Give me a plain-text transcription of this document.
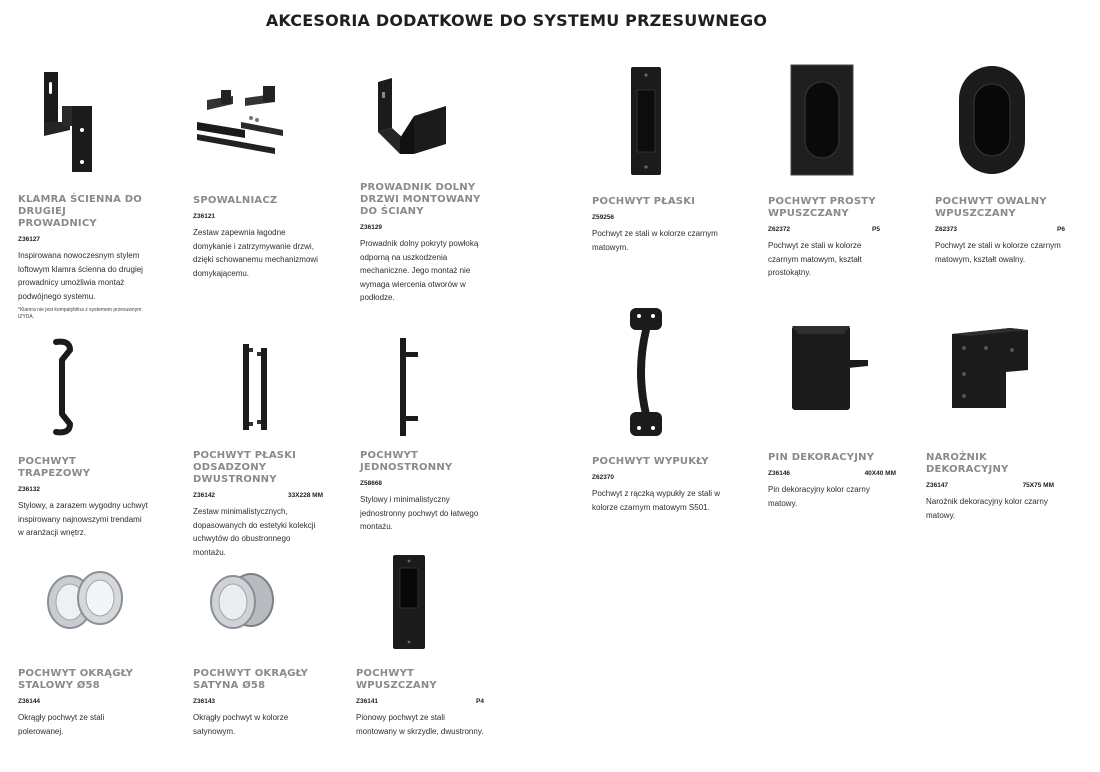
AKCESORIA DODATKOWE DO SYSTEMU PRZESUWNEGO
KLAMRA ŚCIENNA DO DRUGIEJ PROWADNICY
Z36127
Inspirowana nowoczesnym stylem loftowym klamra ścienna do drugiej prowadnicy umożliwia montaż podwójnego systemu.
*Klamra nie jest kompatybilna z systemem przesuwnym IZYDA.
SPOWALNIACZ
Z36121
Zestaw zapewnia łagodne domykanie i zatrzymywanie drzwi, dzięki schowanemu mechanizmowi domykającemu.
PROWADNIK DOLNY DRZWI MONTOWANY DO ŚCIANY
Z36129
Prowadnik dolny pokryty powłoką odporną na uszkodzenia mechaniczne. Jego montaż nie wymaga wiercenia otworów w podłodze.
POCHWYT PŁASKI
Z59256
Pochwyt ze stali w kolorze czarnym matowym.
POCHWYT PROSTY WPUSZCZANY
Z62372	P5
Pochwyt ze stali w kolorze czarnym matowym, kształt prostokątny.
POCHWYT OWALNY WPUSZCZANY
Z62373	P6
Pochwyt ze stali w kolorze czarnym matowym, kształt owalny.
POCHWYT TRAPEZOWY
Z36132
Stylowy, a zarazem wygodny uchwyt inspirowany najnowszymi trendami w aranżacji wnętrz.
POCHWYT PŁASKI ODSADZONY DWUSTRONNY
Z36142	33X228 MM
Zestaw minimalistycznych, dopasowanych do estetyki kolekcji uchwytów do obustronnego montażu.
POCHWYT JEDNOSTRONNY
Z58668
Stylowy i minimalistyczny jednostronny pochwyt do łatwego montażu.
POCHWYT WYPUKŁY
Z62370
Pochwyt z rączką wypukły ze stali w kolorze czarnym matowym S501.
PIN DEKORACYJNY
Z36146	40X40 MM
Pin dekoracyjny kolor czarny matowy.
NAROŻNIK DEKORACYJNY
Z36147	75X75 MM
Narożnik dekoracyjny kolor czarny matowy.
POCHWYT OKRĄGŁY STALOWY Ø58
Z36144
Okrągły pochwyt ze stali polerowanej.
POCHWYT OKRĄGŁY SATYNA Ø58
Z36143
Okrągły pochwyt w kolorze satynowym.
POCHWYT WPUSZCZANY
Z36141	P4
Pionowy pochwyt ze stali montowany w skrzydle, dwustronny.
